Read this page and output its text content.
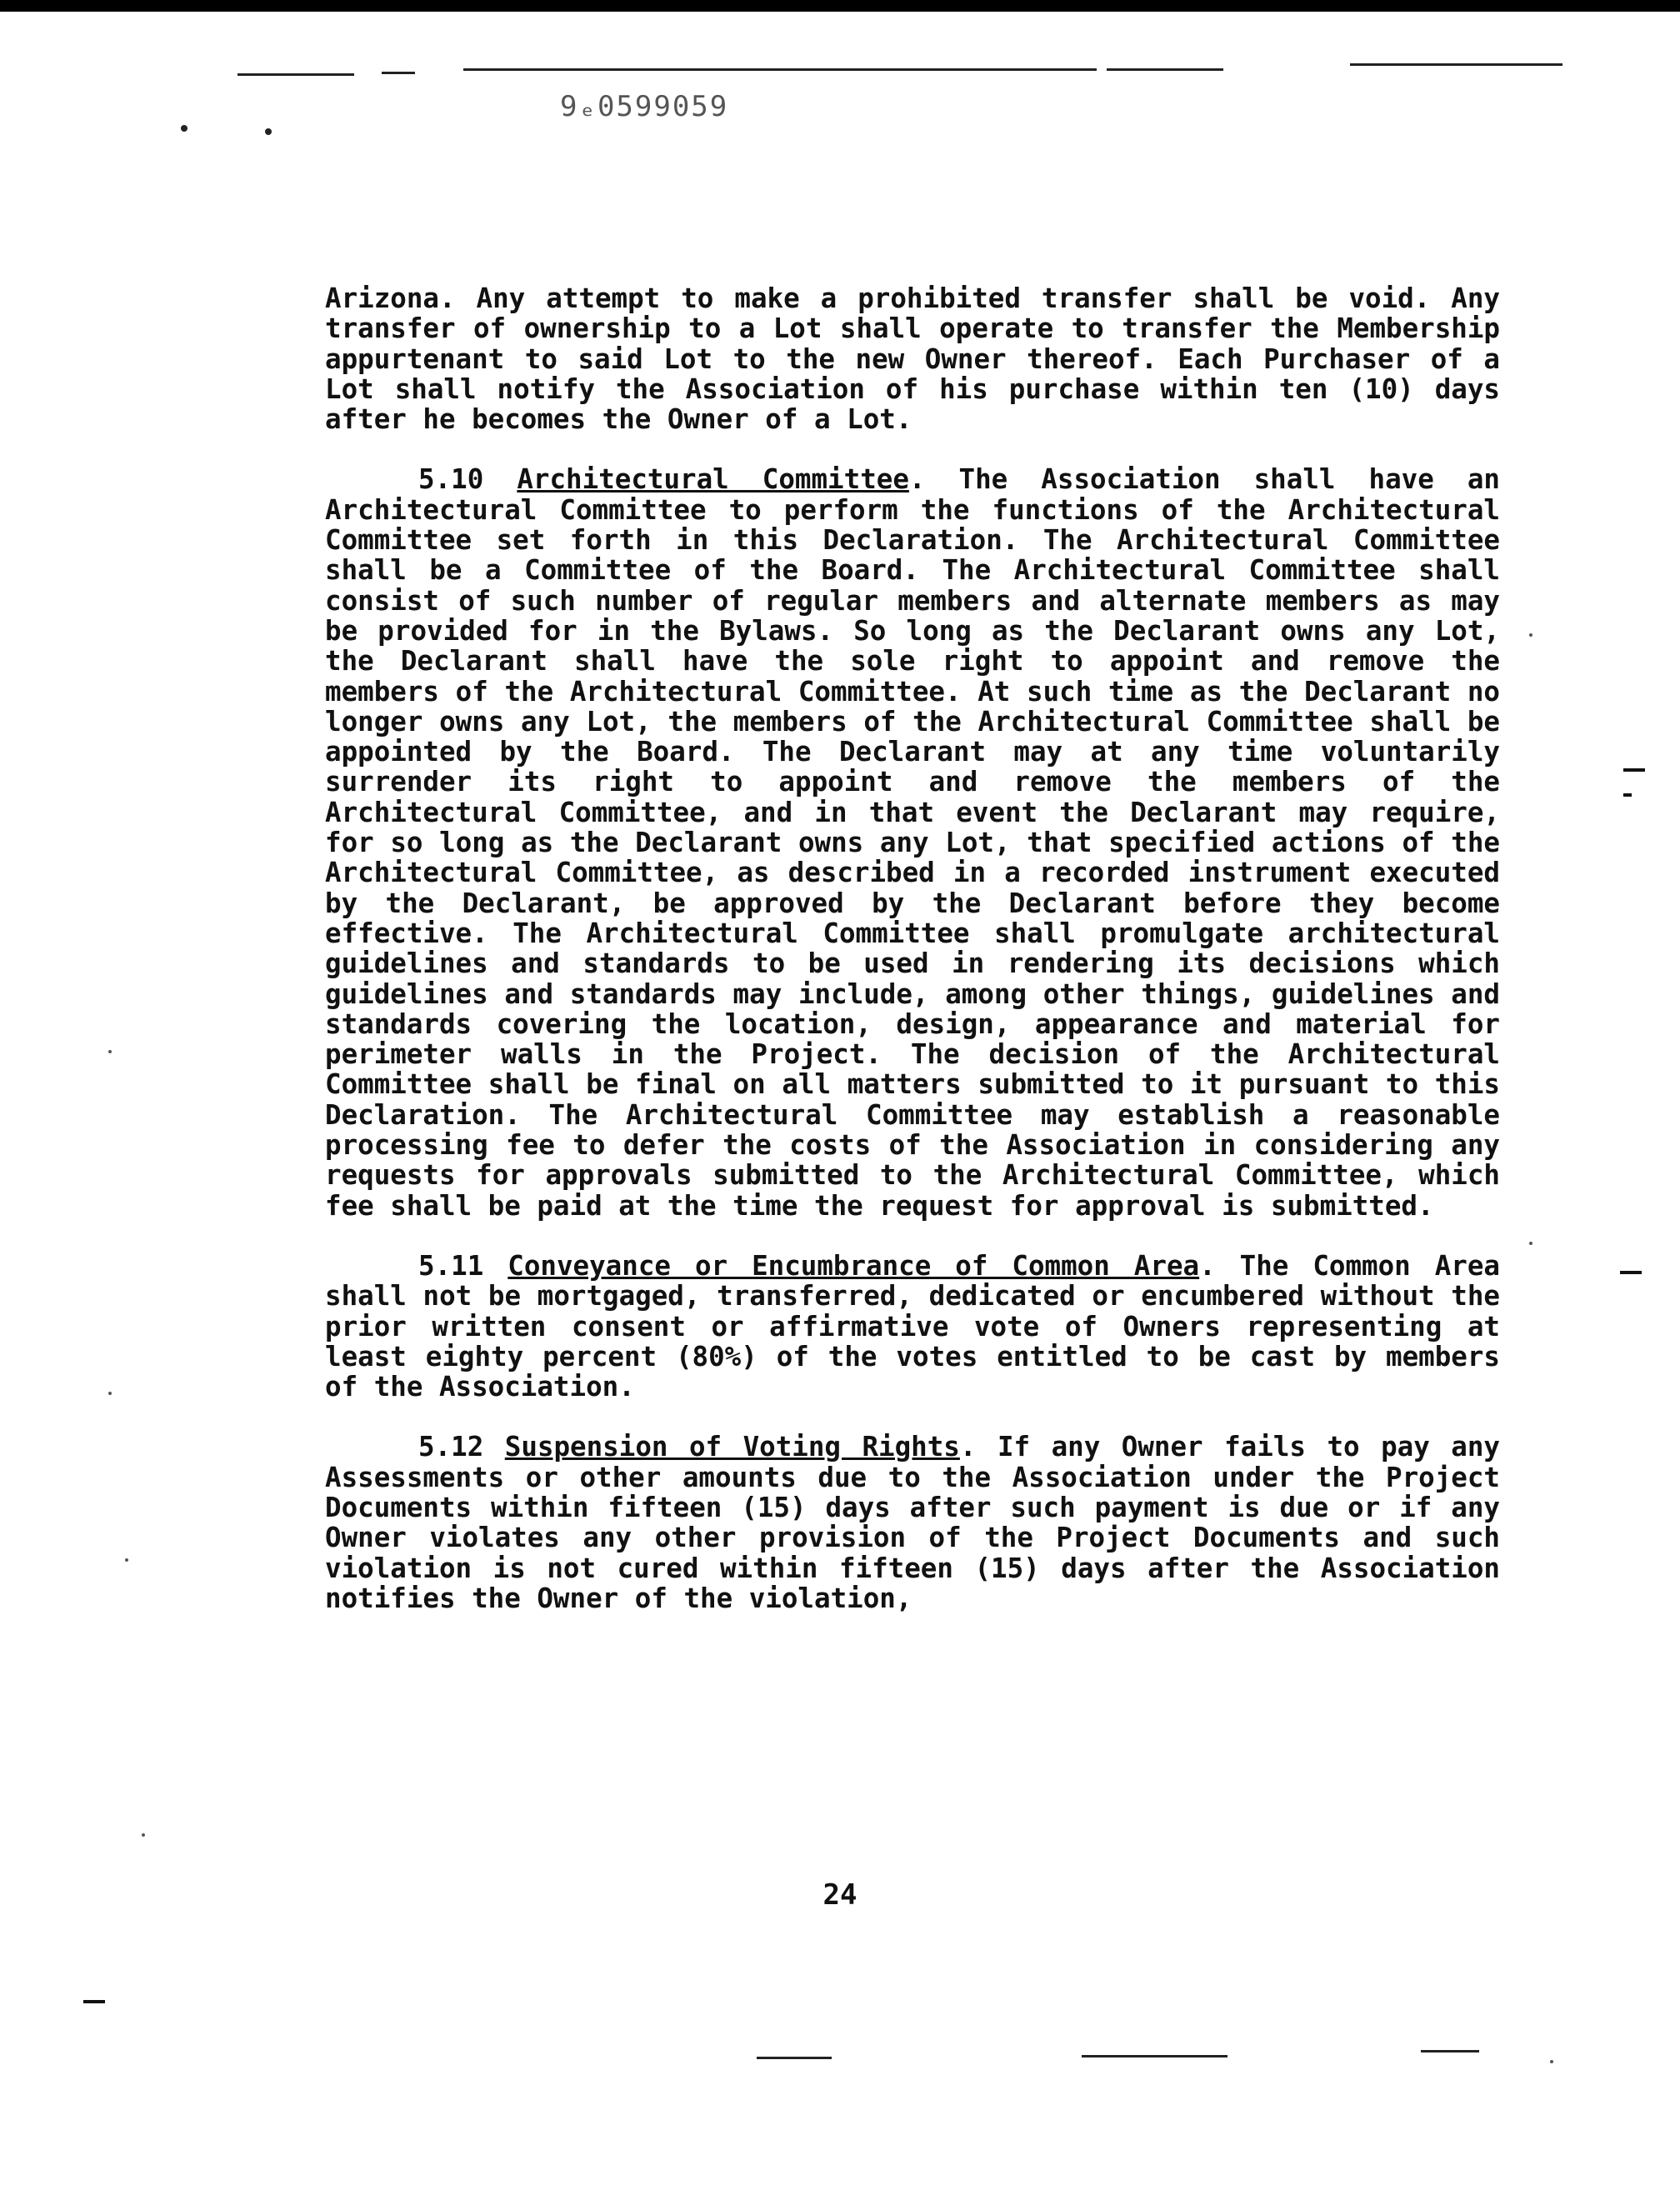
9ₑ0599059

Arizona. Any attempt to make a prohibited transfer shall be void. Any transfer of ownership to a Lot shall operate to transfer the Membership appurtenant to said Lot to the new Owner thereof. Each Purchaser of a Lot shall notify the Association of his purchase within ten (10) days after he becomes the Owner of a Lot.

5.10 Architectural Committee. The Association shall have an Architectural Committee to perform the functions of the Architectural Committee set forth in this Declaration. The Architectural Committee shall be a Committee of the Board. The Architectural Committee shall consist of such number of regular members and alternate members as may be provided for in the Bylaws. So long as the Declarant owns any Lot, the Declarant shall have the sole right to appoint and remove the members of the Architectural Committee. At such time as the Declarant no longer owns any Lot, the members of the Architectural Committee shall be appointed by the Board. The Declarant may at any time voluntarily surrender its right to appoint and remove the members of the Architectural Committee, and in that event the Declarant may require, for so long as the Declarant owns any Lot, that specified actions of the Architectural Committee, as described in a recorded instrument executed by the Declarant, be approved by the Declarant before they become effective. The Architectural Committee shall promulgate architectural guidelines and standards to be used in rendering its decisions which guidelines and standards may include, among other things, guidelines and standards covering the location, design, appearance and material for perimeter walls in the Project. The decision of the Architectural Committee shall be final on all matters submitted to it pursuant to this Declaration. The Architectural Committee may establish a reasonable processing fee to defer the costs of the Association in considering any requests for approvals submitted to the Architectural Committee, which fee shall be paid at the time the request for approval is submitted.

5.11 Conveyance or Encumbrance of Common Area. The Common Area shall not be mortgaged, transferred, dedicated or encumbered without the prior written consent or affirmative vote of Owners representing at least eighty percent (80%) of the votes entitled to be cast by members of the Association.

5.12 Suspension of Voting Rights. If any Owner fails to pay any Assessments or other amounts due to the Association under the Project Documents within fifteen (15) days after such payment is due or if any Owner violates any other provision of the Project Documents and such violation is not cured within fifteen (15) days after the Association notifies the Owner of the violation,

24
